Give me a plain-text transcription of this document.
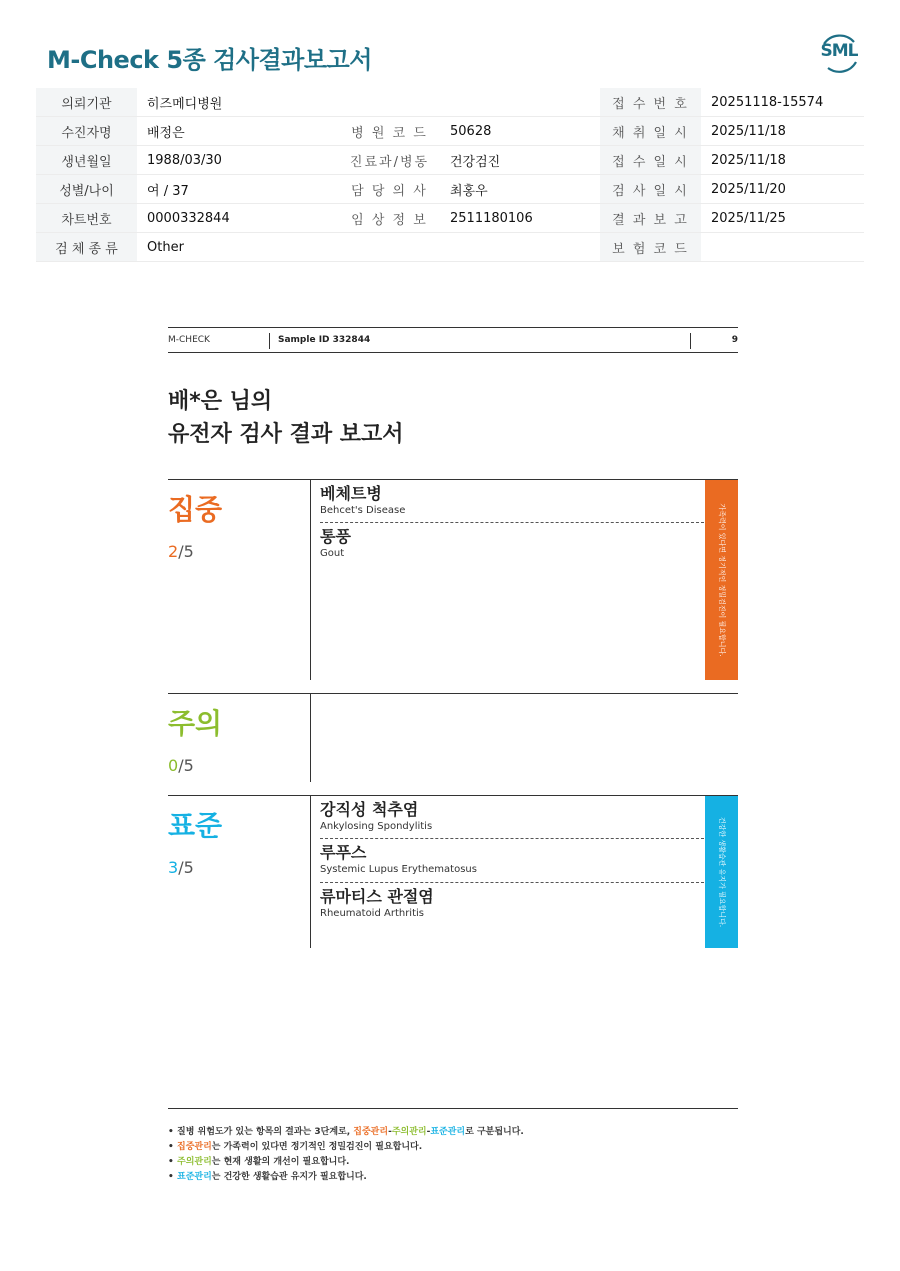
M-Check 5종 검사결과보고서	SML
의뢰기관	히즈메디병원			접 수 번 호	20251118-15574
수진자명	배정은	병 원 코 드	50628	채 취 일 시	2025/11/18
생년월일	1988/03/30	진료과/병동	건강검진	접 수 일 시	2025/11/18
성별/나이	여 / 37	담 당 의 사	최홍우	검 사 일 시	2025/11/20
차트번호	0000332844	임 상 정 보	2511180106	결 과 보 고	2025/11/25
검 체 종 류	Other			보 험 코 드	
M-CHECK	Sample ID 332844	9
배*은 님의
유전자 검사 결과 보고서
집중
2/5
베체트병
Behcet's Disease
통풍
Gout	가족력이 있다면 정기적인 정밀검진이 필요합니다.
주의
0/5
표준
3/5
강직성 척추염
Ankylosing Spondylitis
루푸스
Systemic Lupus Erythematosus
류마티스 관절염
Rheumatoid Arthritis	건강한 생활습관 유지가 필요합니다.
• 질병 위험도가 있는 항목의 결과는 3단계로, 집중관리-주의관리-표준관리로 구분됩니다.
• 집중관리는 가족력이 있다면 정기적인 정밀검진이 필요합니다.
• 주의관리는 현재 생활의 개선이 필요합니다.
• 표준관리는 건강한 생활습관 유지가 필요합니다.
